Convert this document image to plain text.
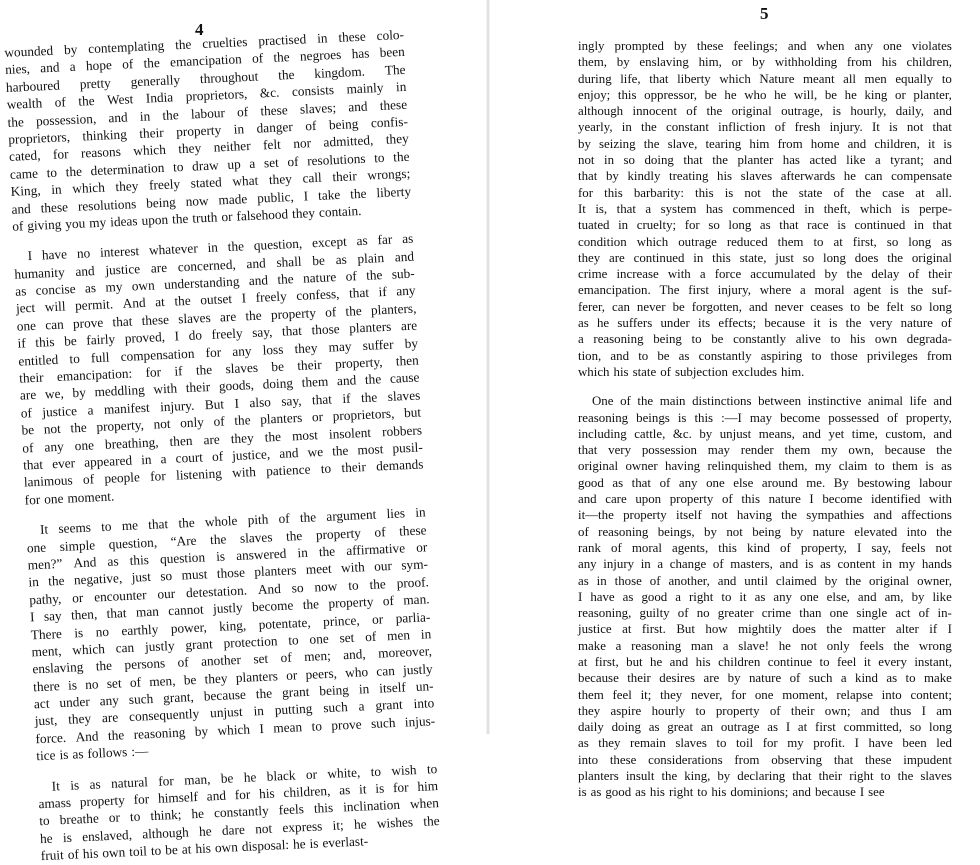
4
wounded by contemplating the cruelties practised in these colo-
nies, and a hope of the emancipation of the negroes has been
harboured pretty generally throughout the kingdom. The
wealth of the West India proprietors, &c. consists mainly in
the possession, and in the labour of these slaves; and these
proprietors, thinking their property in danger of being confis-
cated, for reasons which they neither felt nor admitted, they
came to the determination to draw up a set of resolutions to the
King, in which they freely stated what they call their wrongs;
and these resolutions being now made public, I take the liberty
of giving you my ideas upon the truth or falsehood they contain.
I have no interest whatever in the question, except as far as
humanity and justice are concerned, and shall be as plain and
as concise as my own understanding and the nature of the sub-
ject will permit. And at the outset I freely confess, that if any
one can prove that these slaves are the property of the planters,
if this be fairly proved, I do freely say, that those planters are
entitled to full compensation for any loss they may suffer by
their emancipation: for if the slaves be their property, then
are we, by meddling with their goods, doing them and the cause
of justice a manifest injury. But I also say, that if the slaves
be not the property, not only of the planters or proprietors, but
of any one breathing, then are they the most insolent robbers
that ever appeared in a court of justice, and we the most pusil-
lanimous of people for listening with patience to their demands
for one moment.
It seems to me that the whole pith of the argument lies in
one simple question, “Are the slaves the property of these
men?” And as this question is answered in the affirmative or
in the negative, just so must those planters meet with our sym-
pathy, or encounter our detestation. And so now to the proof.
I say then, that man cannot justly become the property of man.
There is no earthly power, king, potentate, prince, or parlia-
ment, which can justly grant protection to one set of men in
enslaving the persons of another set of men; and, moreover,
there is no set of men, be they planters or peers, who can justly
act under any such grant, because the grant being in itself un-
just, they are consequently unjust in putting such a grant into
force. And the reasoning by which I mean to prove such injus-
tice is as follows :—
It is as natural for man, be he black or white, to wish to
amass property for himself and for his children, as it is for him
to breathe or to think; he constantly feels this inclination when
he is enslaved, although he dare not express it; he wishes the
fruit of his own toil to be at his own disposal: he is everlast-
5
ingly prompted by these feelings; and when any one violates
them, by enslaving him, or by withholding from his children,
during life, that liberty which Nature meant all men equally to
enjoy; this oppressor, be he who he will, be he king or planter,
although innocent of the original outrage, is hourly, daily, and
yearly, in the constant infliction of fresh injury. It is not that
by seizing the slave, tearing him from home and children, it is
not in so doing that the planter has acted like a tyrant; and
that by kindly treating his slaves afterwards he can compensate
for this barbarity: this is not the state of the case at all.
It is, that a system has commenced in theft, which is perpe-
tuated in cruelty; for so long as that race is continued in that
condition which outrage reduced them to at first, so long as
they are continued in this state, just so long does the original
crime increase with a force accumulated by the delay of their
emancipation. The first injury, where a moral agent is the suf-
ferer, can never be forgotten, and never ceases to be felt so long
as he suffers under its effects; because it is the very nature of
a reasoning being to be constantly alive to his own degrada-
tion, and to be as constantly aspiring to those privileges from
which his state of subjection excludes him.
One of the main distinctions between instinctive animal life and
reasoning beings is this :—I may become possessed of property,
including cattle, &c. by unjust means, and yet time, custom, and
that very possession may render them my own, because the
original owner having relinquished them, my claim to them is as
good as that of any one else around me. By bestowing labour
and care upon property of this nature I become identified with
it—the property itself not having the sympathies and affections
of reasoning beings, by not being by nature elevated into the
rank of moral agents, this kind of property, I say, feels not
any injury in a change of masters, and is as content in my hands
as in those of another, and until claimed by the original owner,
I have as good a right to it as any one else, and am, by like
reasoning, guilty of no greater crime than one single act of in-
justice at first. But how mightily does the matter alter if I
make a reasoning man a slave! he not only feels the wrong
at first, but he and his children continue to feel it every instant,
because their desires are by nature of such a kind as to make
them feel it; they never, for one moment, relapse into content;
they aspire hourly to property of their own; and thus I am
daily doing as great an outrage as I at first committed, so long
as they remain slaves to toil for my profit. I have been led
into these considerations from observing that these impudent
planters insult the king, by declaring that their right to the slaves
is as good as his right to his dominions; and because I see
